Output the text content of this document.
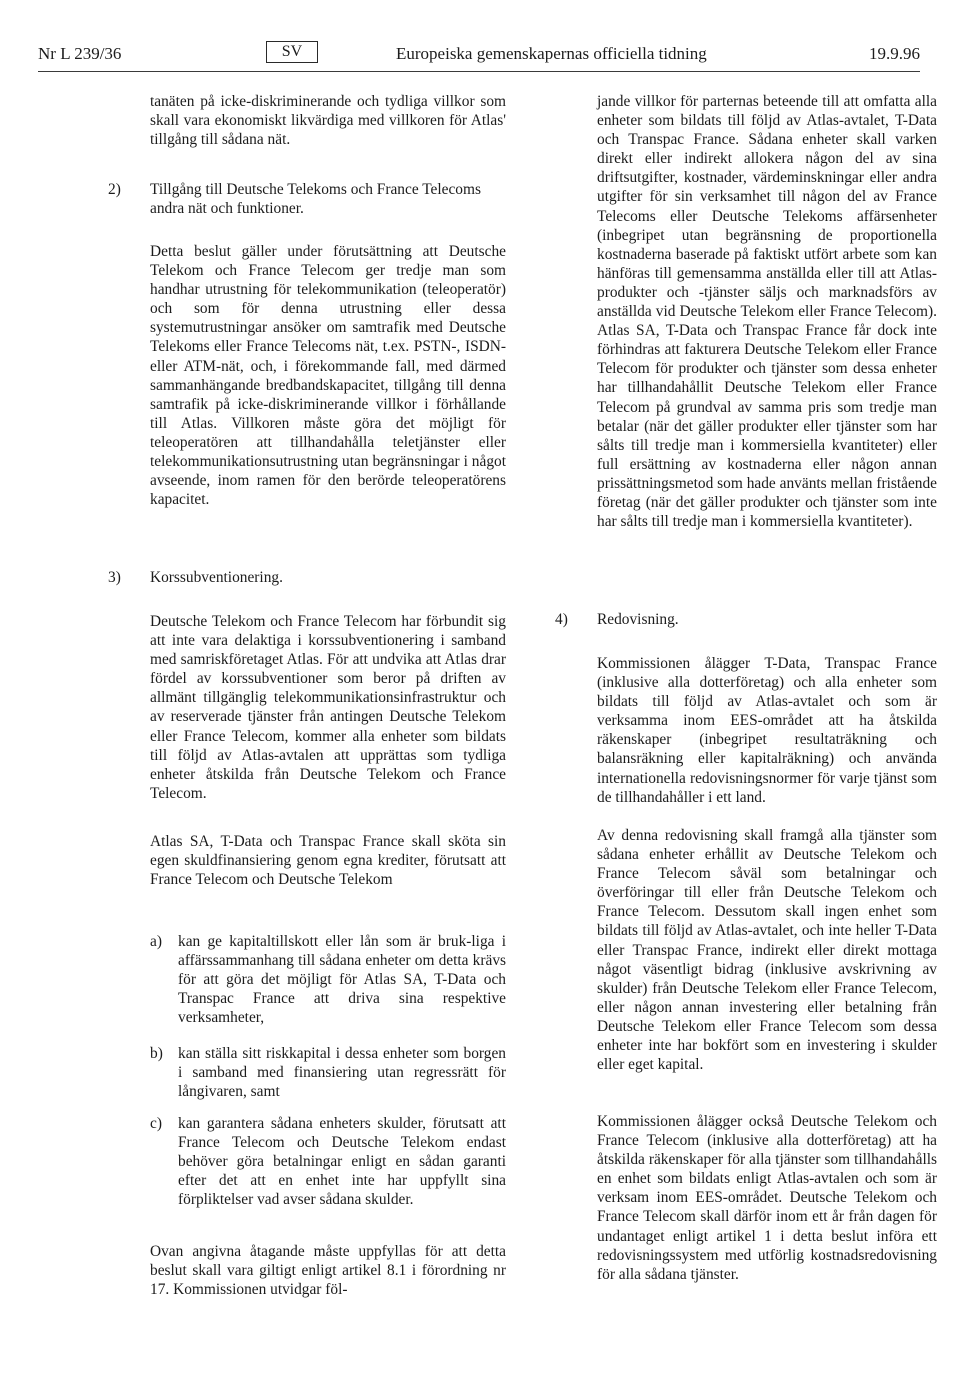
Nr L 239/36	SV	Europeiska gemenskapernas officiella tidning	19.9.96

tanäten på icke-diskriminerande och tydliga villkor som skall vara ekonomiskt likvärdiga med villkoren för Atlas' tillgång till sådana nät.

2) Tillgång till Deutsche Telekoms och France Telecoms andra nät och funktioner.

Detta beslut gäller under förutsättning att Deutsche Telekom och France Telecom ger tredje man som handhar utrustning för telekommunikation (teleoperatör) och som för denna utrustning eller dessa systemutrustningar ansöker om samtrafik med Deutsche Telekoms eller France Telecoms nät, t.ex. PSTN-, ISDN- eller ATM-nät, och, i förekommande fall, med därmed sammanhängande bredbandskapacitet, tillgång till denna samtrafik på icke-diskriminerande villkor i förhållande till Atlas. Villkoren måste göra det möjligt för teleoperatören att tillhandahålla teletjänster eller telekommunikationsutrustning utan begränsningar i något avseende, inom ramen för den berörde teleoperatörens kapacitet.

3) Korssubventionering.

Deutsche Telekom och France Telecom har förbundit sig att inte vara delaktiga i korssubventionering i samband med samriskföretaget Atlas. För att undvika att Atlas drar fördel av korssubventioner som beror på driften av allmänt tillgänglig telekommunikationsinfrastruktur och av reserverade tjänster från antingen Deutsche Telekom eller France Telecom, kommer alla enheter som bildats till följd av Atlas-avtalen att upprättas som tydliga enheter åtskilda från Deutsche Telekom och France Telecom.

Atlas SA, T-Data och Transpac France skall sköta sin egen skuldfinansiering genom egna krediter, förutsatt att France Telecom och Deutsche Telekom

a) kan ge kapitaltillskott eller lån som är bruk-liga i affärssammanhang till sådana enheter om detta krävs för att göra det möjligt för Atlas SA, T-Data och Transpac France att driva sina respektive verksamheter,
b) kan ställa sitt riskkapital i dessa enheter som borgen i samband med finansiering utan regressrätt för långivaren, samt
c) kan garantera sådana enheters skulder, förutsatt att France Telecom och Deutsche Telekom endast behöver göra betalningar enligt en sådan garanti efter det att en enhet inte har uppfyllt sina förpliktelser vad avser sådana skulder.

Ovan angivna åtagande måste uppfyllas för att detta beslut skall vara giltigt enligt artikel 8.1 i förordning nr 17. Kommissionen utvidgar föl-

jande villkor för parternas beteende till att omfatta alla enheter som bildats till följd av Atlas-avtalet, T-Data och Transpac France. Sådana enheter skall varken direkt eller indirekt allokera någon del av sina driftsutgifter, kostnader, värdeminskningar eller andra utgifter för sin verksamhet till någon del av France Telecoms eller Deutsche Telekoms affärsenheter (inbegripet utan begränsning de proportionella kostnaderna baserade på faktiskt utfört arbete som kan hänföras till gemensamma anställda eller till att Atlas-produkter och -tjänster säljs och marknadsförs av anställda vid Deutsche Telekom eller France Telecom). Atlas SA, T-Data och Transpac France får dock inte förhindras att fakturera Deutsche Telekom eller France Telecom för produkter och tjänster som dessa enheter har tillhandahållit Deutsche Telekom eller France Telecom på grundval av samma pris som tredje man betalar (när det gäller produkter eller tjänster som har sålts till tredje man i kommersiella kvantiteter) eller full ersättning av kostnaderna eller någon annan prissättningsmetod som hade använts mellan fristående företag (när det gäller produkter och tjänster som inte har sålts till tredje man i kommersiella kvantiteter).

4) Redovisning.

Kommissionen ålägger T-Data, Transpac France (inklusive alla dotterföretag) och alla enheter som bildats till följd av Atlas-avtalet och som är verksamma inom EES-området att ha åtskilda räkenskaper (inbegripet resultaträkning och balansräkning eller kapitalräkning) och använda internationella redovisningsnormer för varje tjänst som de tillhandahåller i ett land.

Av denna redovisning skall framgå alla tjänster som sådana enheter erhållit av Deutsche Telekom och France Telecom såväl som betalningar och överföringar till eller från Deutsche Telekom och France Telecom. Dessutom skall ingen enhet som bildats till följd av Atlas-avtalet, och inte heller T-Data eller Transpac France, indirekt eller direkt mottaga något väsentligt bidrag (inklusive avskrivning av skulder) från Deutsche Telekom eller France Telecom, eller någon annan investering eller betalning från Deutsche Telekom eller France Telecom som dessa enheter inte har bokfört som en investering i skulder eller eget kapital.

Kommissionen ålägger också Deutsche Telekom och France Telecom (inklusive alla dotterföretag) att ha åtskilda räkenskaper för alla tjänster som tillhandahålls en enhet som bildats enligt Atlas-avtalen och som är verksam inom EES-området. Deutsche Telekom och France Telecom skall därför inom ett år från dagen för undantaget enligt artikel 1 i detta beslut införa ett redovisningssystem med utförlig kostnadsredovisning för alla sådana tjänster.
